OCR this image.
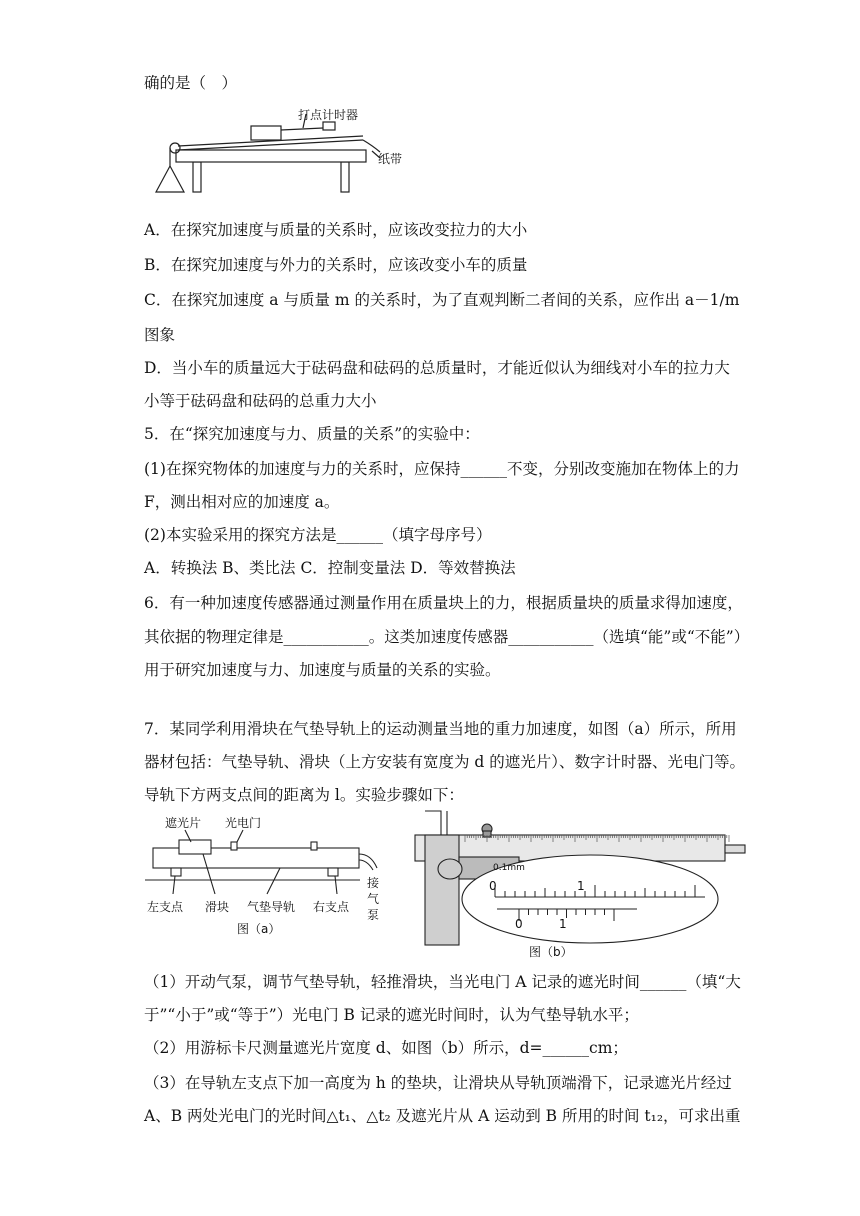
确的是（　）
打点计时器
纸带
A．在探究加速度与质量的关系时，应该改变拉力的大小
B．在探究加速度与外力的关系时，应该改变小车的质量
C．在探究加速度 a 与质量 m 的关系时，为了直观判断二者间的关系，应作出 a－1/m
图象
D．当小车的质量远大于砝码盘和砝码的总质量时，才能近似认为细线对小车的拉力大
小等于砝码盘和砝码的总重力大小
5．在“探究加速度与力、质量的关系”的实验中：
(1)在探究物体的加速度与力的关系时，应保持______不变，分别改变施加在物体上的力
F，测出相对应的加速度 a。
(2)本实验采用的探究方法是______（填字母序号）
A．转换法 B、类比法 C．控制变量法 D．等效替换法
6．有一种加速度传感器通过测量作用在质量块上的力，根据质量块的质量求得加速度，
其依据的物理定律是___________。这类加速度传感器___________（选填“能”或“不能”）
用于研究加速度与力、加速度与质量的关系的实验。
7．某同学利用滑块在气垫导轨上的运动测量当地的重力加速度，如图（a）所示，所用
器材包括：气垫导轨、滑块（上方安装有宽度为 d 的遮光片）、数字计时器、光电门等。
导轨下方两支点间的距离为 l。实验步骤如下：
遮光片 光电门
左支点 滑块 气垫导轨 右支点
接
气
泵
图（a）
0.1mm
0	1
0	1
图（b）
（1）开动气泵，调节气垫导轨，轻推滑块，当光电门 A 记录的遮光时间______（填“大
于”“小于”或“等于”）光电门 B 记录的遮光时间时，认为气垫导轨水平；
（2）用游标卡尺测量遮光片宽度 d、如图（b）所示，d=______cm；
（3）在导轨左支点下加一高度为 h 的垫块，让滑块从导轨顶端滑下，记录遮光片经过
A、B 两处光电门的光时间△t₁、△t₂ 及遮光片从 A 运动到 B 所用的时间 t₁₂，可求出重
